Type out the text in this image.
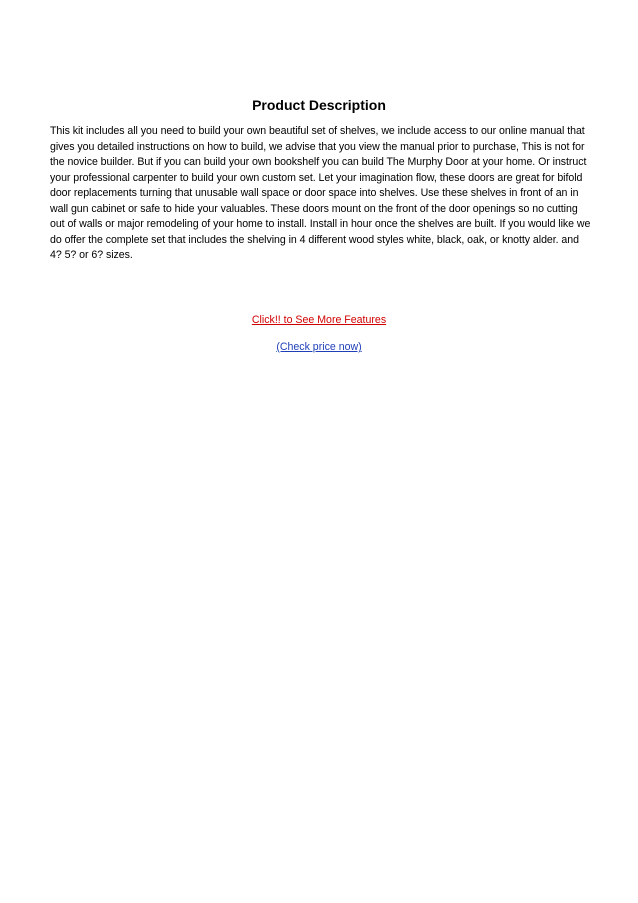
Product Description

This kit includes all you need to build your own beautiful set of shelves, we include access to our online manual that gives you detailed instructions on how to build, we advise that you view the manual prior to purchase, This is not for the novice builder. But if you can build your own bookshelf you can build The Murphy Door at your home. Or instruct your professional carpenter to build your own custom set. Let your imagination flow, these doors are great for bifold door replacements turning that unusable wall space or door space into shelves. Use these shelves in front of an in wall gun cabinet or safe to hide your valuables. These doors mount on the front of the door openings so no cutting out of walls or major remodeling of your home to install. Install in hour once the shelves are built. If you would like we do offer the complete set that includes the shelving in 4 different wood styles white, black, oak, or knotty alder. and 4? 5? or 6? sizes.

Click!! to See More Features
(Check price now)
